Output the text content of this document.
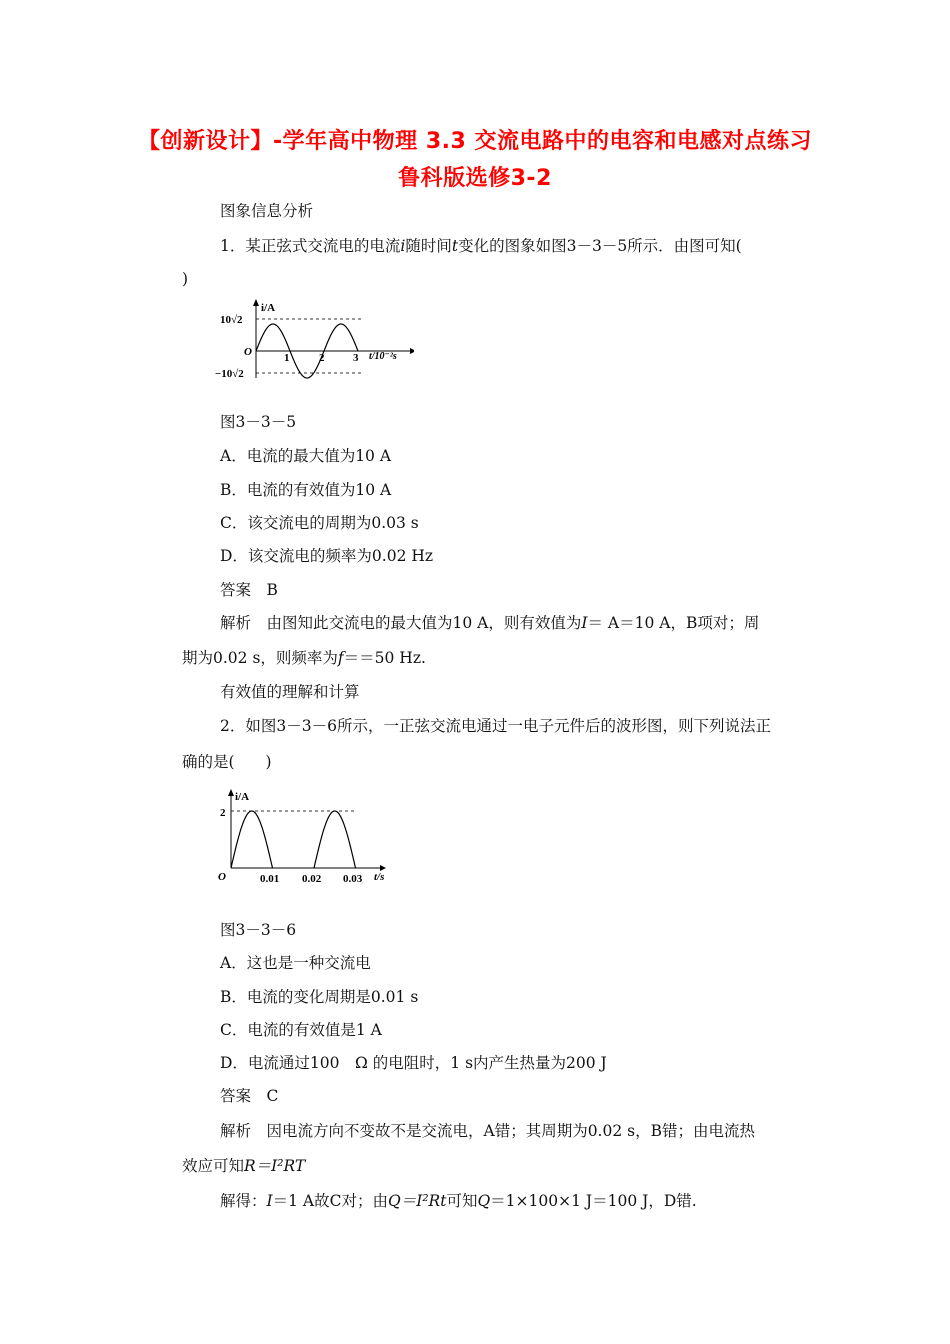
【创新设计】-学年高中物理 3.3 交流电路中的电容和电感对点练习
鲁科版选修3-2
图象信息分析
1．某正弦式交流电的电流i随时间t变化的图象如图3－3－5所示．由图可知(
)
i/A
10√2
−10√2
O	1	2	3 t/10⁻²s
图3－3－5
A．电流的最大值为10 A
B．电流的有效值为10 A
C．该交流电的周期为0.03 s
D．该交流电的频率为0.02 Hz
答案　B
解析　由图知此交流电的最大值为10 A，则有效值为I＝ A＝10 A，B项对；周
期为0.02 s，则频率为f＝＝50 Hz.
有效值的理解和计算
2．如图3－3－6所示，一正弦交流电通过一电子元件后的波形图，则下列说法正
确的是(　　)
i/A
2
O	0.01 0.02 0.03 t/s
图3－3－6
A．这也是一种交流电
B．电流的变化周期是0.01 s
C．电流的有效值是1 A
D．电流通过100　Ω 的电阻时，1 s内产生热量为200 J
答案　C
解析　因电流方向不变故不是交流电，A错；其周期为0.02 s，B错；由电流热
效应可知R＝I²RT
解得：I＝1 A故C对；由Q＝I²Rt可知Q＝1×100×1 J＝100 J，D错.
